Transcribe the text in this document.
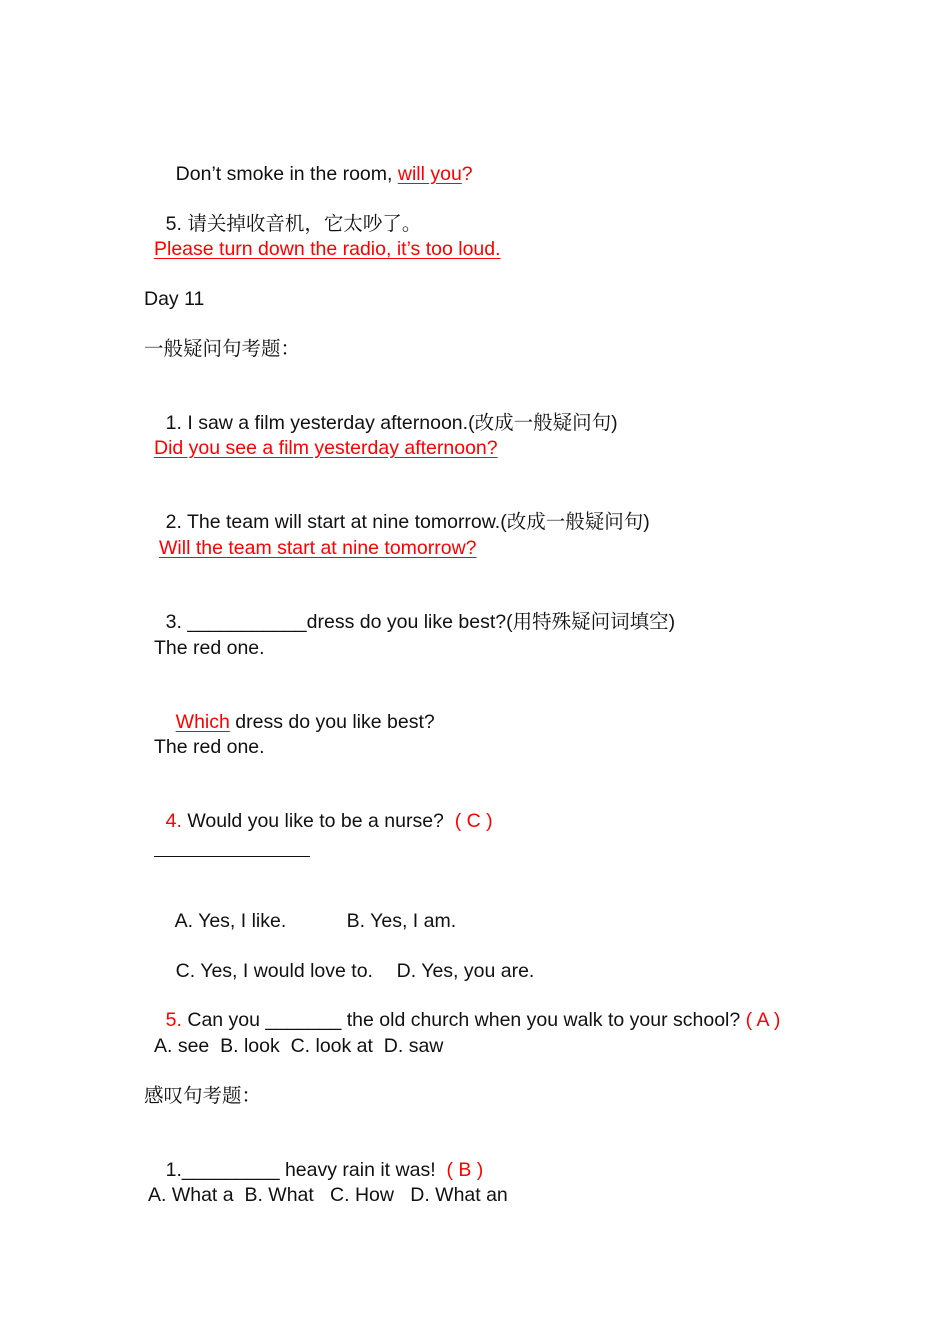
Don’t smoke in the room, will you?

5. 请关掉收音机，它太吵了。

Please turn down the radio, it’s too loud.
Day 11
一般疑问句考题：

1. I saw a film yesterday afternoon.(改成一般疑问句)

Did you see a film yesterday afternoon?

2. The team will start at nine tomorrow.(改成一般疑问句)

Will the team start at nine tomorrow?

3. ___________dress do you like best?(用特殊疑问词填空)

The red one.

Which dress do you like best?

The red one.

4. Would you like to be a nurse?  ( C )

A. Yes, I like.
	B. Yes, I am.

C. Yes, I would love to.
	D. Yes, you are.

5. Can you _______ the old church when you walk to your school? ( A )

A. see  B. look  C. look at  D. saw
感叹句考题：

1._________ heavy rain it was!  ( B )

A. What a  B. What   C. How   D. What an
